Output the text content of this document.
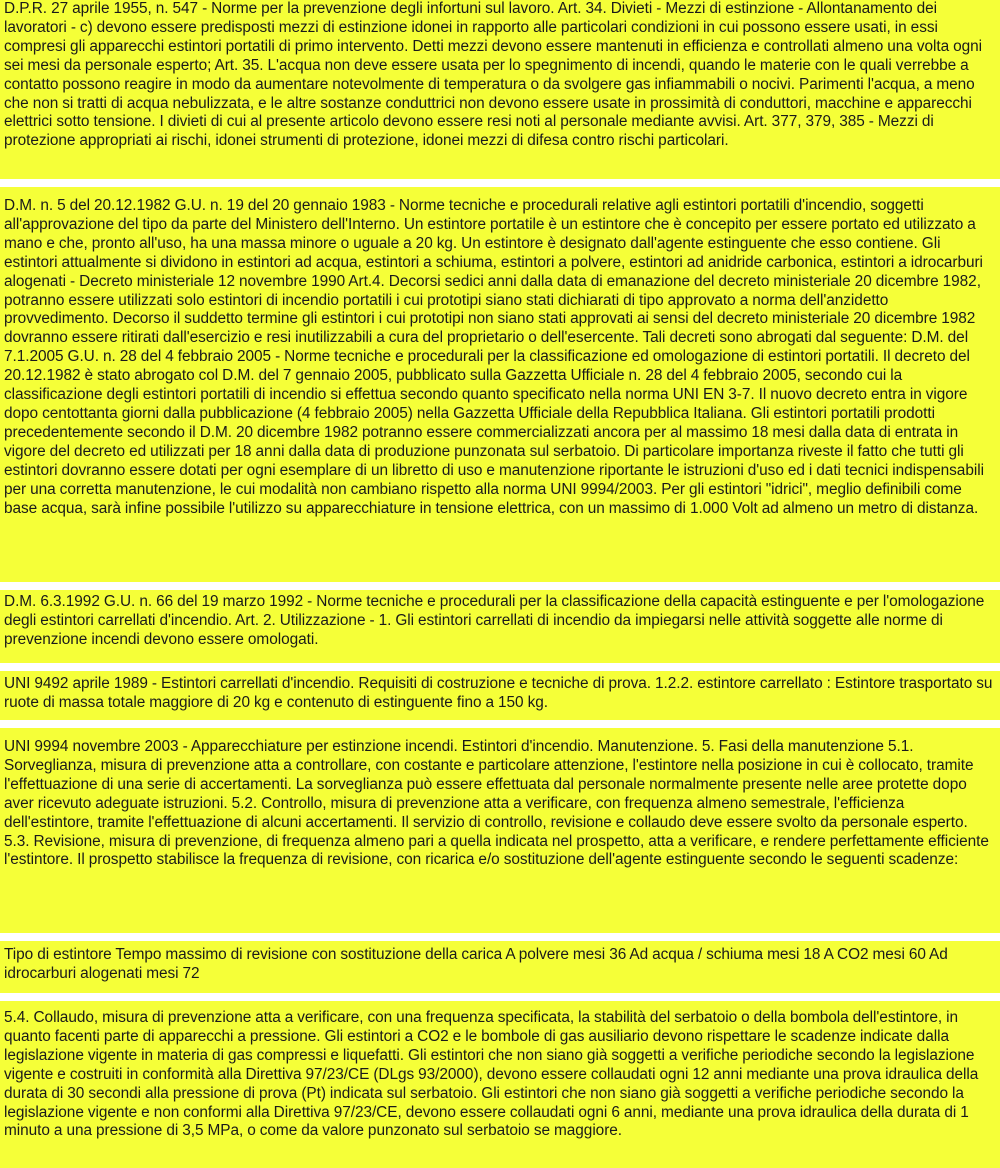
D.P.R. 27 aprile 1955, n. 547 - Norme per la prevenzione degli infortuni sul lavoro. Art. 34. Divieti - Mezzi di estinzione - Allontanamento dei lavoratori - c) devono essere predisposti mezzi di estinzione idonei in rapporto alle particolari condizioni in cui possono essere usati, in essi compresi gli apparecchi estintori portatili di primo intervento. Detti mezzi devono essere mantenuti in efficienza e controllati almeno una volta ogni sei mesi da personale esperto; Art. 35. L'acqua non deve essere usata per lo spegnimento di incendi, quando le materie con le quali verrebbe a contatto possono reagire in modo da aumentare notevolmente di temperatura o da svolgere gas infiammabili o nocivi. Parimenti l'acqua, a meno che non si tratti di acqua nebulizzata, e le altre sostanze conduttrici non devono essere usate in prossimità di conduttori, macchine e apparecchi elettrici sotto tensione. I divieti di cui al presente articolo devono essere resi noti al personale mediante avvisi. Art. 377, 379, 385 - Mezzi di protezione appropriati ai rischi, idonei strumenti di protezione, idonei mezzi di difesa contro rischi particolari.
D.M. n. 5 del 20.12.1982 G.U. n. 19 del 20 gennaio 1983 - Norme tecniche e procedurali relative agli estintori portatili d'incendio, soggetti all'approvazione del tipo da parte del Ministero dell'Interno. Un estintore portatile è un estintore che è concepito per essere portato ed utilizzato a mano e che, pronto all'uso, ha una massa minore o uguale a 20 kg. Un estintore è designato dall'agente estinguente che esso contiene. Gli estintori attualmente si dividono in estintori ad acqua, estintori a schiuma, estintori a polvere, estintori ad anidride carbonica, estintori a idrocarburi alogenati - Decreto ministeriale 12 novembre 1990 Art.4. Decorsi sedici anni dalla data di emanazione del decreto ministeriale 20 dicembre 1982, potranno essere utilizzati solo estintori di incendio portatili i cui prototipi siano stati dichiarati di tipo approvato a norma dell'anzidetto provvedimento. Decorso il suddetto termine gli estintori i cui prototipi non siano stati approvati ai sensi del decreto ministeriale 20 dicembre 1982 dovranno essere ritirati dall'esercizio e resi inutilizzabili a cura del proprietario o dell'esercente. Tali decreti sono abrogati dal seguente: D.M. del 7.1.2005 G.U. n. 28 del 4 febbraio 2005 - Norme tecniche e procedurali per la classificazione ed omologazione di estintori portatili. Il decreto del 20.12.1982 è stato abrogato col D.M. del 7 gennaio 2005, pubblicato sulla Gazzetta Ufficiale n. 28 del 4 febbraio 2005, secondo cui la classificazione degli estintori portatili di incendio si effettua secondo quanto specificato nella norma UNI EN 3-7. Il nuovo decreto entra in vigore dopo centottanta giorni dalla pubblicazione (4 febbraio 2005) nella Gazzetta Ufficiale della Repubblica Italiana. Gli estintori portatili prodotti precedentemente secondo il D.M. 20 dicembre 1982 potranno essere commercializzati ancora per al massimo 18 mesi dalla data di entrata in vigore del decreto ed utilizzati per 18 anni dalla data di produzione punzonata sul serbatoio. Di particolare importanza riveste il fatto che tutti gli estintori dovranno essere dotati per ogni esemplare di un libretto di uso e manutenzione riportante le istruzioni d'uso ed i dati tecnici indispensabili per una corretta manutenzione, le cui modalità non cambiano rispetto alla norma UNI 9994/2003. Per gli estintori "idrici", meglio definibili come base acqua, sarà infine possibile l'utilizzo su apparecchiature in tensione elettrica, con un massimo di 1.000 Volt ad almeno un metro di distanza.
D.M. 6.3.1992 G.U. n. 66 del 19 marzo 1992 - Norme tecniche e procedurali per la classificazione della capacità estinguente e per l'omologazione degli estintori carrellati d'incendio. Art. 2. Utilizzazione - 1. Gli estintori carrellati di incendio da impiegarsi nelle attività soggette alle norme di prevenzione incendi devono essere omologati.
UNI 9492 aprile 1989 - Estintori carrellati d'incendio. Requisiti di costruzione e tecniche di prova. 1.2.2. estintore carrellato : Estintore trasportato su ruote di massa totale maggiore di 20 kg e contenuto di estinguente fino a 150 kg.
UNI 9994 novembre 2003 - Apparecchiature per estinzione incendi. Estintori d'incendio. Manutenzione. 5. Fasi della manutenzione 5.1. Sorveglianza, misura di prevenzione atta a controllare, con costante e particolare attenzione, l'estintore nella posizione in cui è collocato, tramite l'effettuazione di una serie di accertamenti. La sorveglianza può essere effettuata dal personale normalmente presente nelle aree protette dopo aver ricevuto adeguate istruzioni. 5.2. Controllo, misura di prevenzione atta a verificare, con frequenza almeno semestrale, l'efficienza dell'estintore, tramite l'effettuazione di alcuni accertamenti. Il servizio di controllo, revisione e collaudo deve essere svolto da personale esperto. 5.3. Revisione, misura di prevenzione, di frequenza almeno pari a quella indicata nel prospetto, atta a verificare, e rendere perfettamente efficiente l'estintore. Il prospetto stabilisce la frequenza di revisione, con ricarica e/o sostituzione dell'agente estinguente secondo le seguenti scadenze:
Tipo di estintore Tempo massimo di revisione con sostituzione della carica A polvere mesi 36 Ad acqua / schiuma mesi 18 A CO2 mesi 60 Ad idrocarburi alogenati mesi 72
5.4. Collaudo, misura di prevenzione atta a verificare, con una frequenza specificata, la stabilità del serbatoio o della bombola dell'estintore, in quanto facenti parte di apparecchi a pressione. Gli estintori a CO2 e le bombole di gas ausiliario devono rispettare le scadenze indicate dalla legislazione vigente in materia di gas compressi e liquefatti. Gli estintori che non siano già soggetti a verifiche periodiche secondo la legislazione vigente e costruiti in conformità alla Direttiva 97/23/CE (DLgs 93/2000), devono essere collaudati ogni 12 anni mediante una prova idraulica della durata di 30 secondi alla pressione di prova (Pt) indicata sul serbatoio. Gli estintori che non siano già soggetti a verifiche periodiche secondo la legislazione vigente e non conformi alla Direttiva 97/23/CE, devono essere collaudati ogni 6 anni, mediante una prova idraulica della durata di 1 minuto a una pressione di 3,5 MPa, o come da valore punzonato sul serbatoio se maggiore.
